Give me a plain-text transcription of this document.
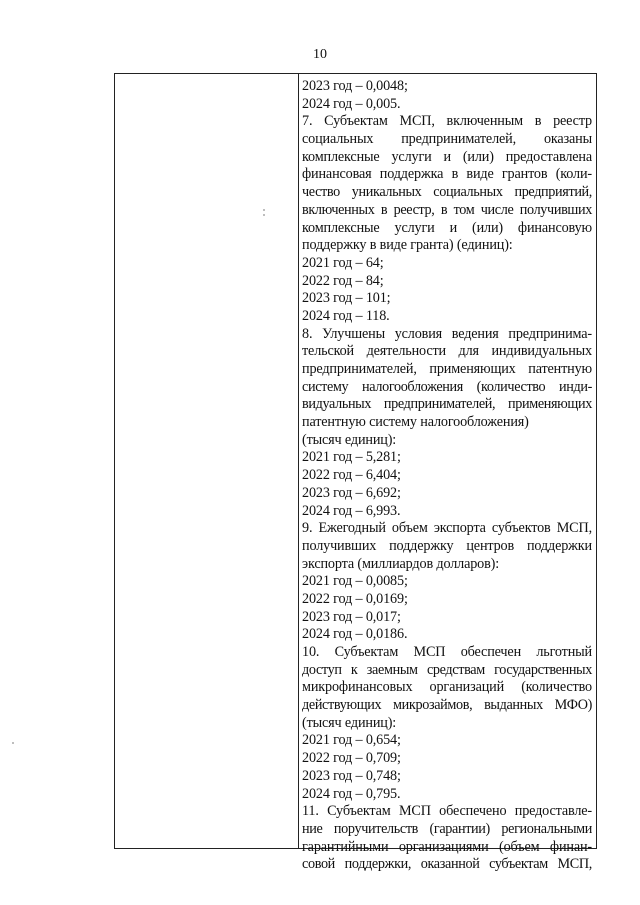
10
2023 год – 0,0048;
2024 год – 0,005.
7. Субъектам МСП, включенным в реестр
социальных предпринимателей, оказаны
комплексные услуги и (или) предоставлена
финансовая поддержка в виде грантов (коли-
чество уникальных социальных предприятий,
включенных в реестр, в том числе получивших
комплексные услуги и (или) финансовую
поддержку в виде гранта) (единиц):
2021 год – 64;
2022 год – 84;
2023 год – 101;
2024 год – 118.
8. Улучшены условия ведения предпринима-
тельской деятельности для индивидуальных
предпринимателей, применяющих патентную
систему налогообложения (количество инди-
видуальных предпринимателей, применяющих
патентную систему налогообложения)
(тысяч единиц):
2021 год – 5,281;
2022 год – 6,404;
2023 год – 6,692;
2024 год – 6,993.
9. Ежегодный объем экспорта субъектов МСП,
получивших поддержку центров поддержки
экспорта (миллиардов долларов):
2021 год – 0,0085;
2022 год – 0,0169;
2023 год – 0,017;
2024 год – 0,0186.
10. Субъектам МСП обеспечен льготный
доступ к заемным средствам государственных
микрофинансовых организаций (количество
действующих микрозаймов, выданных МФО)
(тысяч единиц):
2021 год – 0,654;
2022 год – 0,709;
2023 год – 0,748;
2024 год – 0,795.
11. Субъектам МСП обеспечено предоставле-
ние поручительств (гарантии) региональными
гарантийными организациями (объем финан-
совой поддержки, оказанной субъектам МСП,
